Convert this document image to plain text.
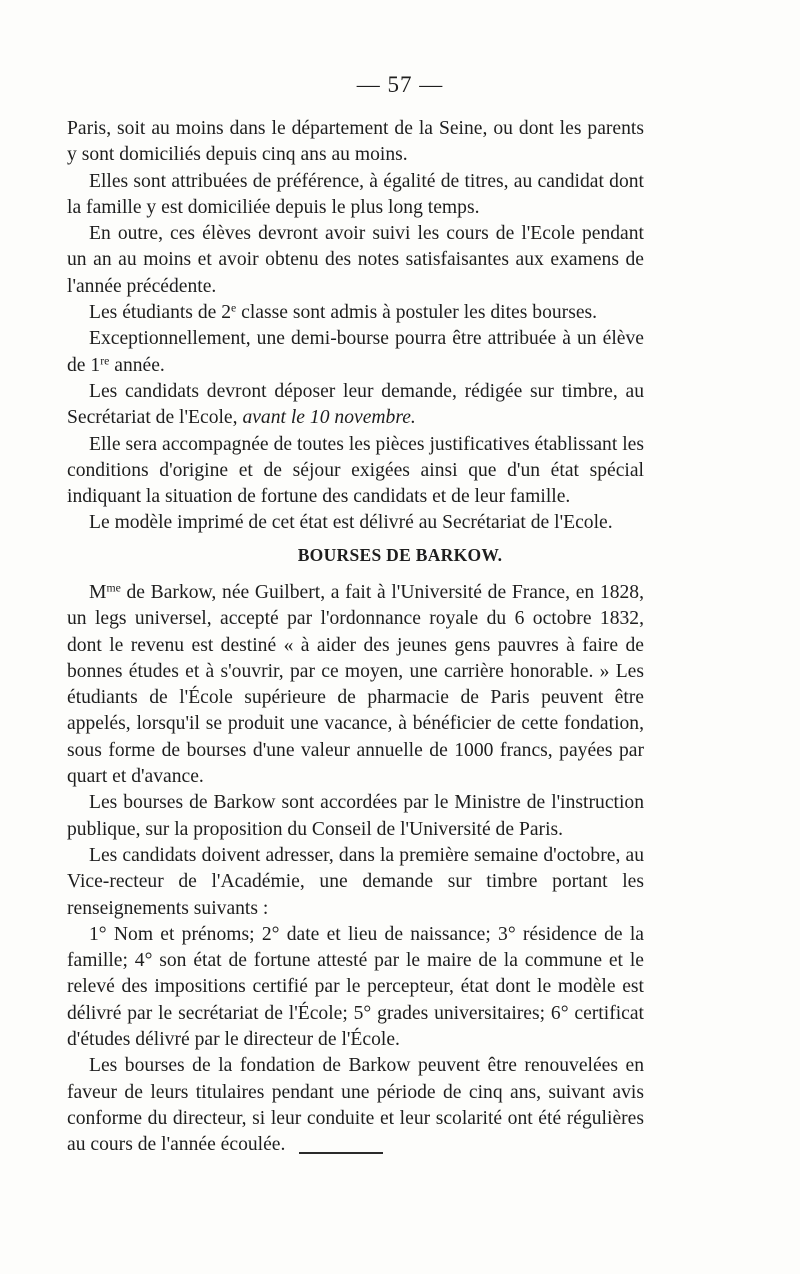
— 57 —

Paris, soit au moins dans le département de la Seine, ou dont les parents y sont domiciliés depuis cinq ans au moins.

Elles sont attribuées de préférence, à égalité de titres, au candidat dont la famille y est domiciliée depuis le plus long temps.

En outre, ces élèves devront avoir suivi les cours de l'Ecole pendant un an au moins et avoir obtenu des notes satisfaisantes aux examens de l'année précédente.

Les étudiants de 2e classe sont admis à postuler les dites bourses.

Exceptionnellement, une demi-bourse pourra être attribuée à un élève de 1re année.

Les candidats devront déposer leur demande, rédigée sur timbre, au Secrétariat de l'Ecole, avant le 10 novembre.

Elle sera accompagnée de toutes les pièces justificatives établissant les conditions d'origine et de séjour exigées ainsi que d'un état spécial indiquant la situation de fortune des candidats et de leur famille.

Le modèle imprimé de cet état est délivré au Secrétariat de l'Ecole.

BOURSES DE BARKOW.

$M^{me}$ de Barkow, née Guilbert, a fait à l'Université de France, en 1828, un legs universel, accepté par l'ordonnance royale du 6 octobre 1832, dont le revenu est destiné « à aider des jeunes gens pauvres à faire de bonnes études et à s'ouvrir, par ce moyen, une carrière honorable. » Les étudiants de l'École supérieure de pharmacie de Paris peuvent être appelés, lorsqu'il se produit une vacance, à bénéficier de cette fondation, sous forme de bourses d'une valeur annuelle de 1000 francs, payées par quart et d'avance.

Les bourses de Barkow sont accordées par le Ministre de l'instruction publique, sur la proposition du Conseil de l'Université de Paris.

Les candidats doivent adresser, dans la première semaine d'octobre, au Vice-recteur de l'Académie, une demande sur timbre portant les renseignements suivants :

1° Nom et prénoms; 2° date et lieu de naissance; 3° résidence de la famille; 4° son état de fortune attesté par le maire de la commune et le relevé des impositions certifié par le percepteur, état dont le modèle est délivré par le secrétariat de l'École; 5° grades universitaires; 6° certificat d'études délivré par le directeur de l'École.

Les bourses de la fondation de Barkow peuvent être renouvelées en faveur de leurs titulaires pendant une période de cinq ans, suivant avis conforme du directeur, si leur conduite et leur scolarité ont été régulières au cours de l'année écoulée.
